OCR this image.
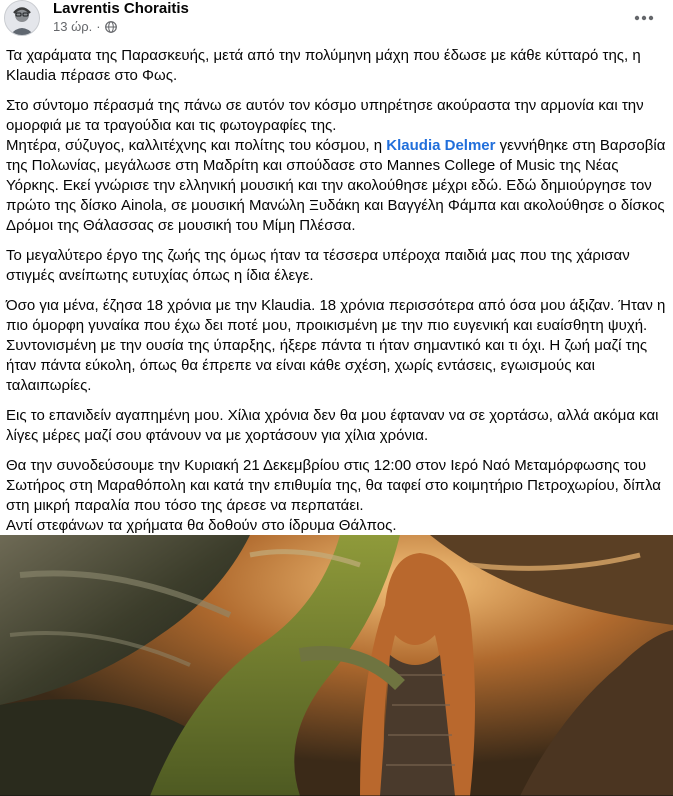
Lavrentis Choraitis
13 ώρ. ·

Τα χαράματα της Παρασκευής, μετά από την πολύμηνη μάχη που έδωσε με κάθε κύτταρό της, η Klaudia πέρασε στο Φως.

Στο σύντομο πέρασμά της πάνω σε αυτόν τον κόσμο υπηρέτησε ακούραστα την αρμονία και την ομορφιά με τα τραγούδια και τις φωτογραφίες της.

Μητέρα, σύζυγος, καλλιτέχνης και πολίτης του κόσμου, η Klaudia Delmer γεννήθηκε στη Βαρσοβία της Πολωνίας, μεγάλωσε στη Μαδρίτη και σπούδασε στο Mannes College of Music της Νέας Υόρκης. Εκεί γνώρισε την ελληνική μουσική και την ακολούθησε μέχρι εδώ. Εδώ δημιούργησε τον πρώτο της δίσκο Ainola, σε μουσική Μανώλη Ξυδάκη και Βαγγέλη Φάμπα και ακολούθησε ο δίσκος Δρόμοι της Θάλασσας σε μουσική του Μίμη Πλέσσα.

Το μεγαλύτερο έργο της ζωής της όμως ήταν τα τέσσερα υπέροχα παιδιά μας που της χάρισαν στιγμές ανείπωτης ευτυχίας όπως η ίδια έλεγε.

Όσο για μένα, έζησα 18 χρόνια με την Klaudia. 18 χρόνια περισσότερα από όσα μου άξιζαν. Ήταν η πιο όμορφη γυναίκα που έχω δει ποτέ μου, προικισμένη με την πιο ευγενική και ευαίσθητη ψυχή. Συντονισμένη με την ουσία της ύπαρξης, ήξερε πάντα τι ήταν σημαντικό και τι όχι. Η ζωή μαζί της ήταν πάντα εύκολη, όπως θα έπρεπε να είναι κάθε σχέση, χωρίς εντάσεις, εγωισμούς και ταλαιπωρίες.

Εις το επανιδείν αγαπημένη μου. Χίλια χρόνια δεν θα μου έφταναν να σε χορτάσω, αλλά ακόμα και λίγες μέρες μαζί σου φτάνουν να με χορτάσουν για χίλια χρόνια.

Θα την συνοδεύσουμε την Κυριακή 21 Δεκεμβρίου στις 12:00 στον Ιερό Ναό Μεταμόρφωσης του Σωτήρος στη Μαραθόπολη και κατά την επιθυμία της, θα ταφεί στο κοιμητήριο Πετροχωρίου, δίπλα στη μικρή παραλία που τόσο της άρεσε να περπατάει.
Αντί στεφάνων τα χρήματα θα δοθούν στο ίδρυμα Θάλπος.
